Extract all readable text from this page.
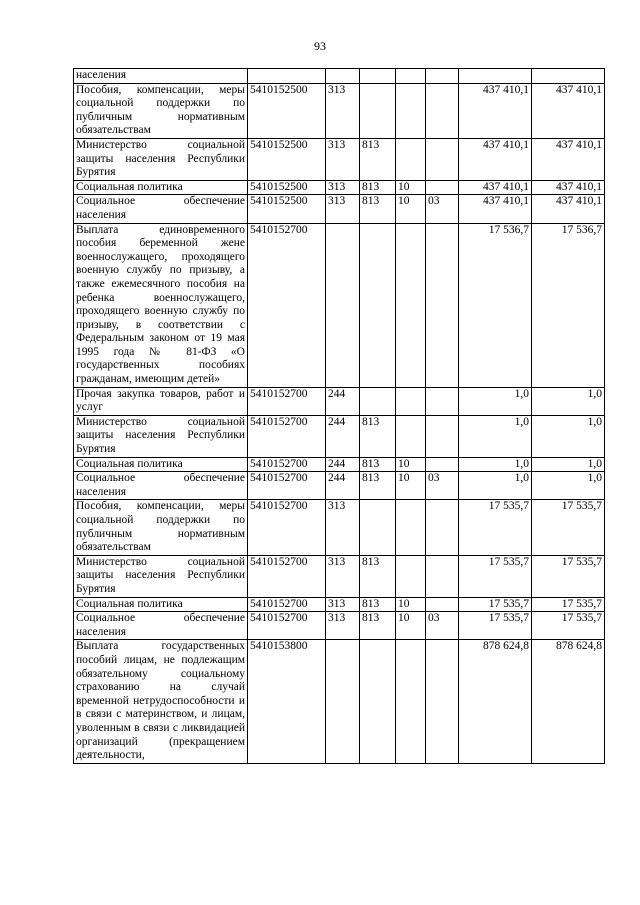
93
населения							
Пособия, компенсации, меры социальной поддержки по публичным нормативным обязательствам	5410152500	313				437 410,1	437 410,1
Министерство социальной защиты населения Республики Бурятия	5410152500	313	813			437 410,1	437 410,1
Социальная политика	5410152500	313	813	10		437 410,1	437 410,1
Социальное обеспечение населения	5410152500	313	813	10	03	437 410,1	437 410,1
Выплата единовременного пособия беременной жене военнослужащего, проходящего военную службу по призыву, а также ежемесячного пособия на ребенка военнослужащего, проходящего военную службу по призыву, в соответствии с Федеральным законом от 19 мая 1995 года № 81-ФЗ «О государственных пособиях гражданам, имеющим детей»	5410152700					17 536,7	17 536,7
Прочая закупка товаров, работ и услуг	5410152700	244				1,0	1,0
Министерство социальной защиты населения Республики Бурятия	5410152700	244	813			1,0	1,0
Социальная политика	5410152700	244	813	10		1,0	1,0
Социальное обеспечение населения	5410152700	244	813	10	03	1,0	1,0
Пособия, компенсации, меры социальной поддержки по публичным нормативным обязательствам	5410152700	313				17 535,7	17 535,7
Министерство социальной защиты населения Республики Бурятия	5410152700	313	813			17 535,7	17 535,7
Социальная политика	5410152700	313	813	10		17 535,7	17 535,7
Социальное обеспечение населения	5410152700	313	813	10	03	17 535,7	17 535,7
Выплата государственных пособий лицам, не подлежащим обязательному социальному страхованию на случай временной нетрудоспособности и в связи с материнством, и лицам, уволенным в связи с ликвидацией организаций (прекращением деятельности,	5410153800					878 624,8	878 624,8
